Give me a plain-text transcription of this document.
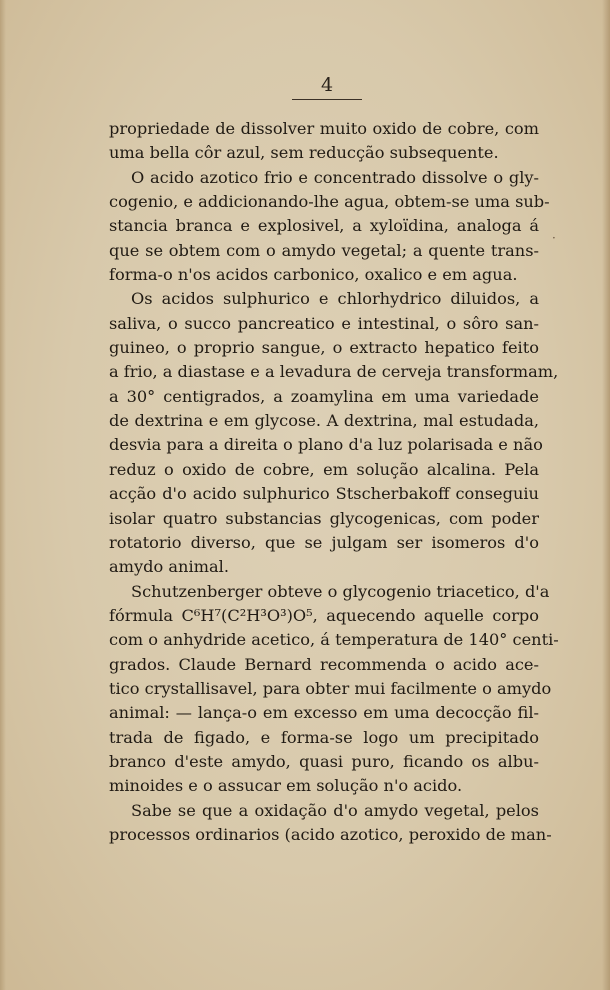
4
·
propriedade de dissolver muito oxido de cobre, com
uma bella côr azul, sem reducção subsequente.
O acido azotico frio e concentrado dissolve o gly-
cogenio, e addicionando-lhe agua, obtem-se uma sub-
stancia branca e explosivel, a xyloïdina, analoga á
que se obtem com o amydo vegetal; a quente trans-
forma-o n'os acidos carbonico, oxalico e em agua.
Os acidos sulphurico e chlorhydrico diluidos, a
saliva, o succo pancreatico e intestinal, o sôro san-
guineo, o proprio sangue, o extracto hepatico feito
a frio, a diastase e a levadura de cerveja transformam,
a 30° centigrados, a zoamylina em uma variedade
de dextrina e em glycose. A dextrina, mal estudada,
desvia para a direita o plano d'a luz polarisada e não
reduz o oxido de cobre, em solução alcalina. Pela
acção d'o acido sulphurico Stscherbakoff conseguiu
isolar quatro substancias glycogenicas, com poder
rotatorio diverso, que se julgam ser isomeros d'o
amydo animal.
Schutzenberger obteve o glycogenio triacetico, d'a
fórmula C⁶H⁷(C²H³O³)O⁵, aquecendo aquelle corpo
com o anhydride acetico, á temperatura de 140° centi-
grados. Claude Bernard recommenda o acido ace-
tico crystallisavel, para obter mui facilmente o amydo
animal: — lança-o em excesso em uma decocção fil-
trada de figado, e forma-se logo um precipitado
branco d'este amydo, quasi puro, ficando os albu-
minoides e o assucar em solução n'o acido.
Sabe se que a oxidação d'o amydo vegetal, pelos
processos ordinarios (acido azotico, peroxido de man-
